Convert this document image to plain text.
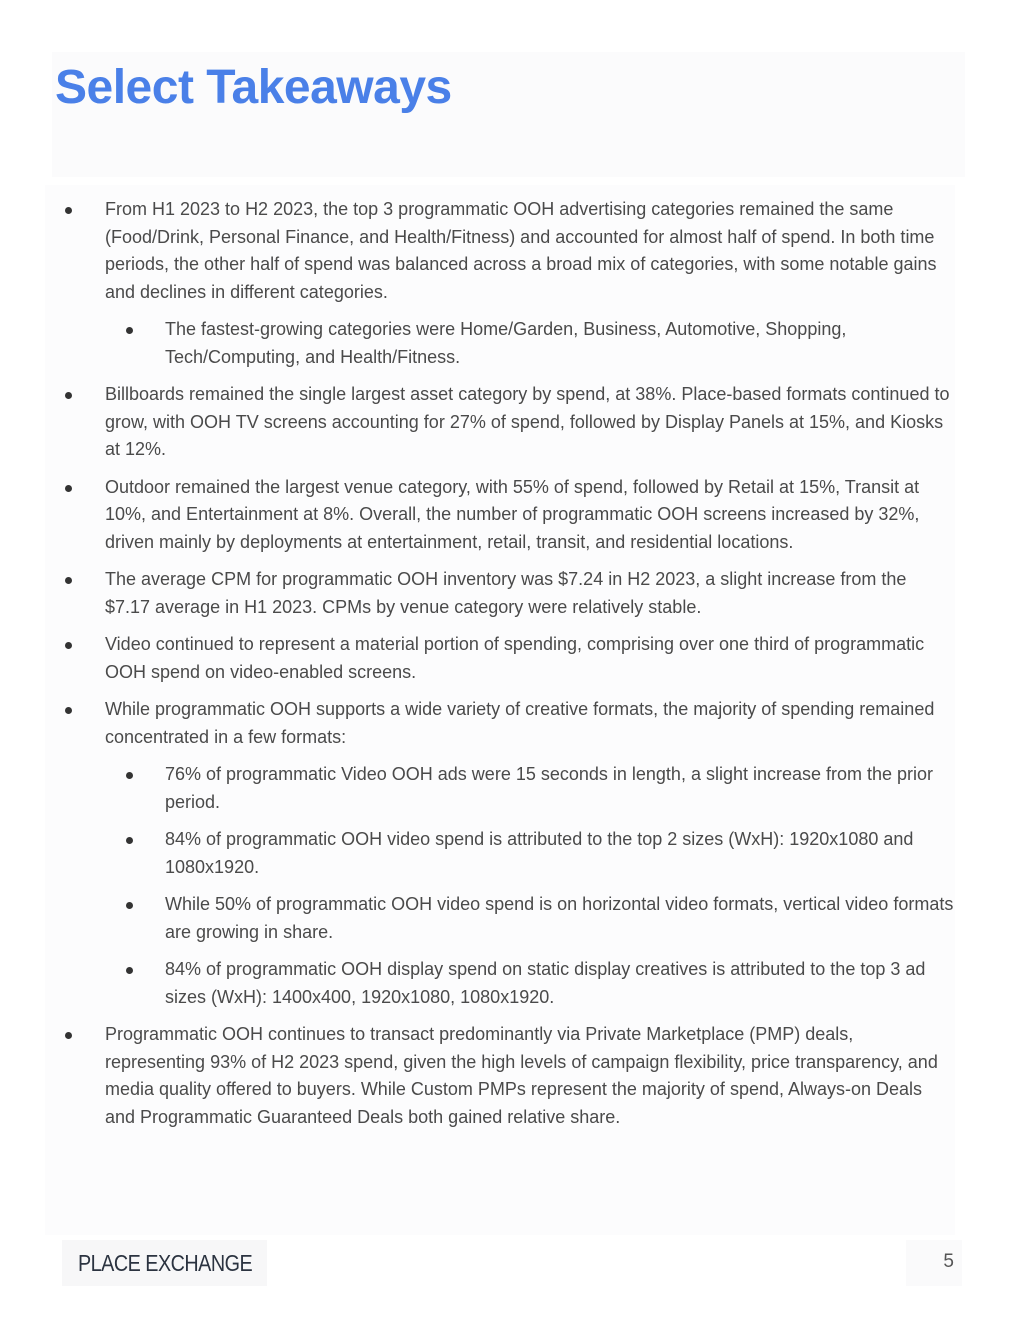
Select Takeaways
From H1 2023 to H2 2023, the top 3 programmatic OOH advertising categories remained the same (Food/Drink, Personal Finance, and Health/Fitness) and accounted for almost half of spend. In both time periods, the other half of spend was balanced across a broad mix of categories, with some notable gains and declines in different categories.
The fastest-growing categories were Home/Garden, Business, Automotive, Shopping, Tech/Computing, and Health/Fitness.
Billboards remained the single largest asset category by spend, at 38%. Place-based formats continued to grow, with OOH TV screens accounting for 27% of spend, followed by Display Panels at 15%, and Kiosks at 12%.
Outdoor remained the largest venue category, with 55% of spend, followed by Retail at 15%, Transit at 10%, and Entertainment at 8%. Overall, the number of programmatic OOH screens increased by 32%, driven mainly by deployments at entertainment, retail, transit, and residential locations.
The average CPM for programmatic OOH inventory was $7.24 in H2 2023, a slight increase from the $7.17 average in H1 2023. CPMs by venue category were relatively stable.
Video continued to represent a material portion of spending, comprising over one third of programmatic OOH spend on video-enabled screens.
While programmatic OOH supports a wide variety of creative formats, the majority of spending remained concentrated in a few formats:
76% of programmatic Video OOH ads were 15 seconds in length, a slight increase from the prior period.
84% of programmatic OOH video spend is attributed to the top 2 sizes (WxH): 1920x1080 and 1080x1920.
While 50% of programmatic OOH video spend is on horizontal video formats, vertical video formats are growing in share.
84% of programmatic OOH display spend on static display creatives is attributed to the top 3 ad sizes (WxH): 1400x400, 1920x1080, 1080x1920.
Programmatic OOH continues to transact predominantly via Private Marketplace (PMP) deals, representing 93% of H2 2023 spend, given the high levels of campaign flexibility, price transparency, and media quality offered to buyers. While Custom PMPs represent the majority of spend, Always-on Deals and Programmatic Guaranteed Deals both gained relative share.
PLACE EXCHANGE	5
